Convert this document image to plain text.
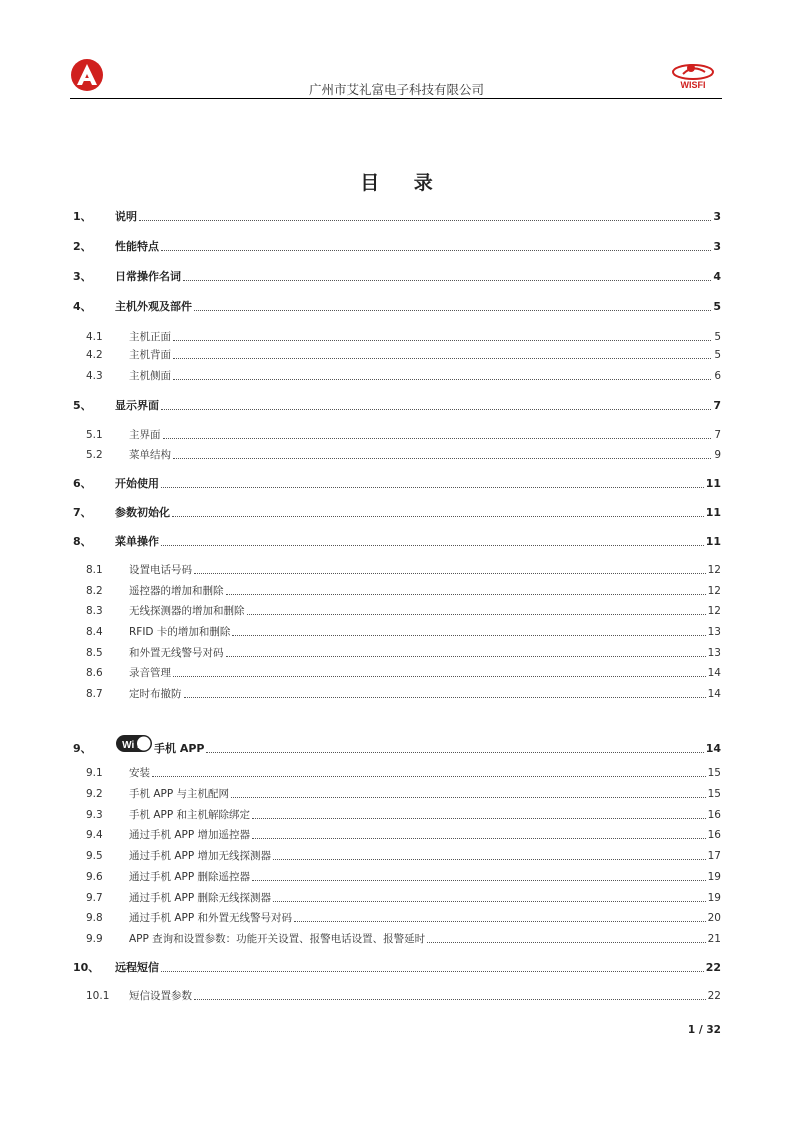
A	广州市艾礼富电子科技有限公司	WISFI
目 录
1、	说明	3
2、	性能特点	3
3、	日常操作名词	4
4、	主机外观及部件	5
4.1	主机正面	5
4.2	主机背面	5
4.3	主机侧面	6
5、	显示界面	7
5.1	主界面	7
5.2	菜单结构	9
6、	开始使用	11
7、	参数初始化	11
8、	菜单操作	11
8.1	设置电话号码	12
8.2	遥控器的增加和删除	12
8.3	无线探测器的增加和删除	12
8.4	RFID 卡的增加和删除	13
8.5	和外置无线警号对码	13
8.6	录音管理	14
8.7	定时布撤防	14
9、	Wi Fi 手机 APP	14
9.1	安装	15
9.2	手机 APP 与主机配网	15
9.3	手机 APP 和主机解除绑定	16
9.4	通过手机 APP 增加遥控器	16
9.5	通过手机 APP 增加无线探测器	17
9.6	通过手机 APP 删除遥控器	19
9.7	通过手机 APP 删除无线探测器	19
9.8	通过手机 APP 和外置无线警号对码	20
9.9	APP 查询和设置参数：功能开关设置、报警电话设置、报警延时	21
10、	远程短信	22
10.1	短信设置参数	22
1 / 32
